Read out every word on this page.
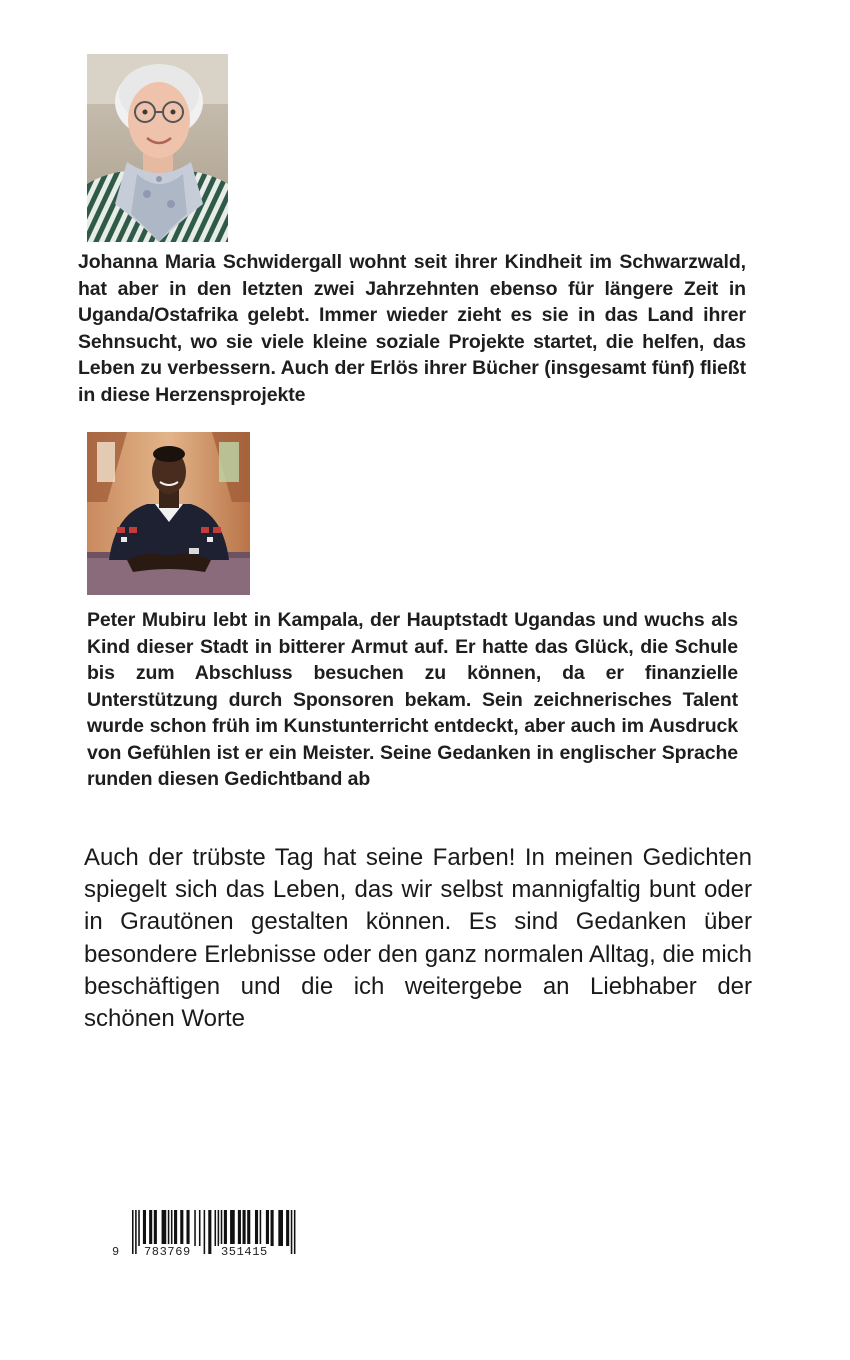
Johanna Maria Schwidergall wohnt seit ihrer Kindheit im Schwarzwald, hat aber in den letzten zwei Jahrzehnten ebenso für längere Zeit in Uganda/Ostafrika gelebt. Immer wieder zieht es sie in das Land ihrer Sehnsucht, wo sie viele kleine soziale Projekte startet, die helfen, das Leben zu verbessern. Auch der Erlös ihrer Bücher (insgesamt fünf) fließt in diese Herzensprojekte

Peter Mubiru lebt in Kampala, der Hauptstadt Ugandas und wuchs als Kind dieser Stadt in bitterer Armut auf. Er hatte das Glück, die Schule bis zum Abschluss besuchen zu können, da er finanzielle Unterstützung durch Sponsoren bekam. Sein zeichnerisches Talent wurde schon früh im Kunstunterricht entdeckt, aber auch im Ausdruck von Gefühlen ist er ein Meister. Seine Gedanken in englischer Sprache runden diesen Gedichtband ab

Auch der trübste Tag hat seine Farben! In meinen Gedichten spiegelt sich das Leben, das wir selbst mannigfaltig bunt oder in Grautönen gestalten können. Es sind Gedanken über besondere Erlebnisse oder den ganz normalen Alltag, die mich beschäftigen und die ich weitergebe an Liebhaber der schönen Worte

9 783769	351415
